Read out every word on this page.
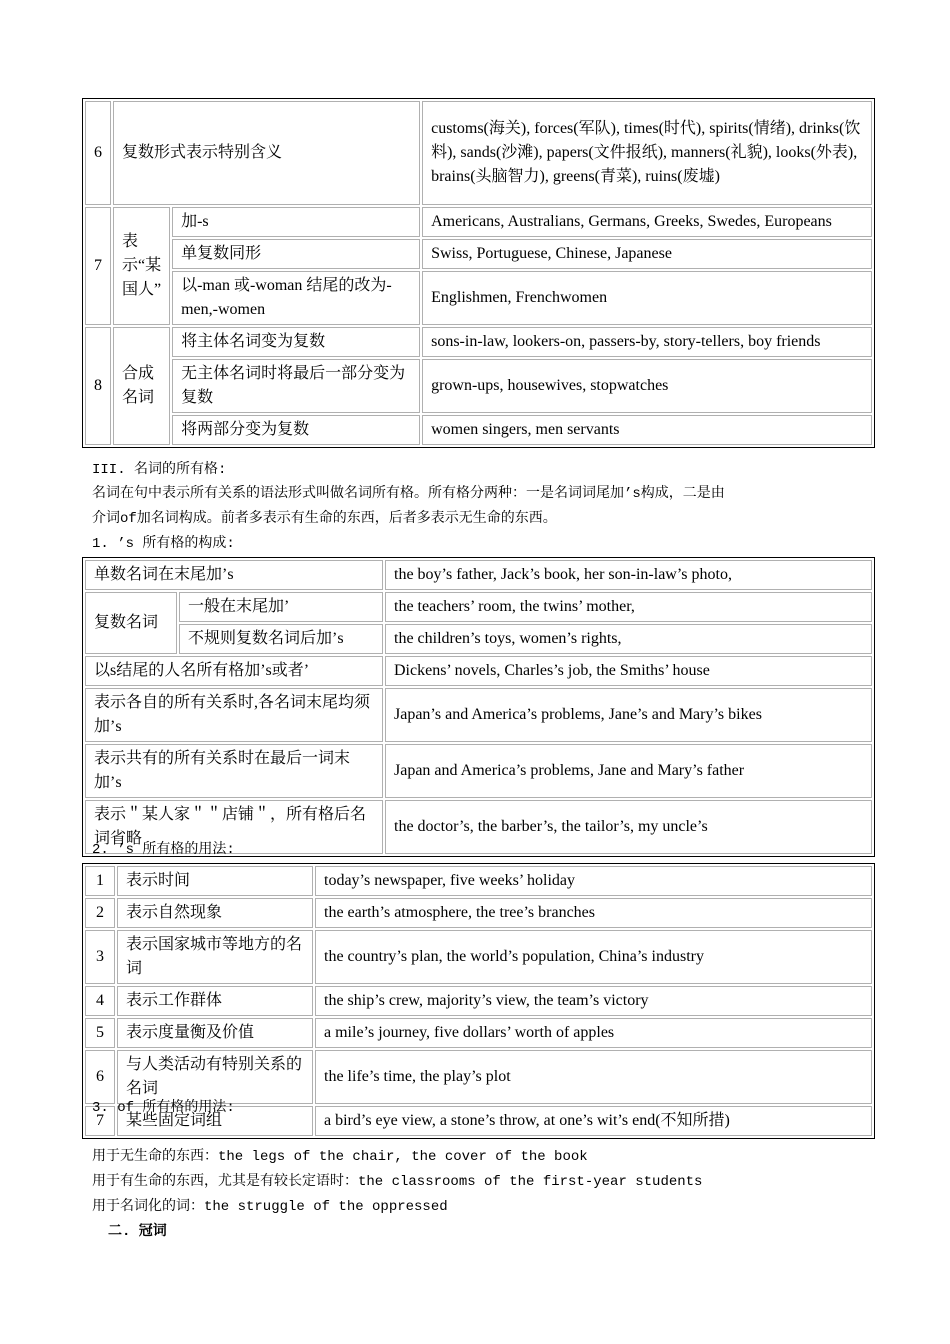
6	复数形式表示特别含义		customs(海关), forces(军队), times(时代), spirits(情绪), drinks(饮料), sands(沙滩), papers(文件报纸), manners(礼貌), looks(外表), brains(头脑智力), greens(青菜), ruins(废墟)
7	表示“某国人”	加-s	Americans, Australians, Germans, Greeks, Swedes, Europeans
		单复数同形	Swiss, Portuguese, Chinese, Japanese
		以-man 或-woman 结尾的改为-men,-women	Englishmen, Frenchwomen
8	合成名词	将主体名词变为复数	sons-in-law, lookers-on, passers-by, story-tellers, boy friends
		无主体名词时将最后一部分变为复数	grown-ups, housewives, stopwatches
		将两部分变为复数	women singers, men servants
III. 名词的所有格:
名词在句中表示所有关系的语法形式叫做名词所有格。所有格分两种：一是名词词尾加’s构成，二是由
介词of加名词构成。前者多表示有生命的东西，后者多表示无生命的东西。
1. ’s 所有格的构成:
单数名词在末尾加’s		the boy’s father, Jack’s book, her son-in-law’s photo,
复数名词	一般在末尾加’	the teachers’ room, the twins’ mother,
	不规则复数名词后加’s	the children’s toys, women’s rights,
以s结尾的人名所有格加’s或者’		Dickens’ novels, Charles’s job, the Smiths’ house
表示各自的所有关系时,各名词末尾均须加’s		Japan’s and America’s problems, Jane’s and Mary’s bikes
表示共有的所有关系时在最后一词末加’s		Japan and America’s problems, Jane and Mary’s father
表示＂某人家＂＂店铺＂，所有格后名词省略		the doctor’s, the barber’s, the tailor’s, my uncle’s
2. ’s 所有格的用法:
1	表示时间	today’s newspaper, five weeks’ holiday
2	表示自然现象	the earth’s atmosphere, the tree’s branches
3	表示国家城市等地方的名词	the country’s plan, the world’s population, China’s industry
4	表示工作群体	the ship’s crew, majority’s view, the team’s victory
5	表示度量衡及价值	a mile’s journey, five dollars’ worth of apples
6	与人类活动有特别关系的名词	the life’s time, the play’s plot
7	某些固定词组	a bird’s eye view, a stone’s throw, at one’s wit’s end(不知所措)
3. of 所有格的用法:
用于无生命的东西：the legs of the chair, the cover of the book
用于有生命的东西，尤其是有较长定语时：the classrooms of the first-year students
用于名词化的词：the struggle of the oppressed
二. 冠词
